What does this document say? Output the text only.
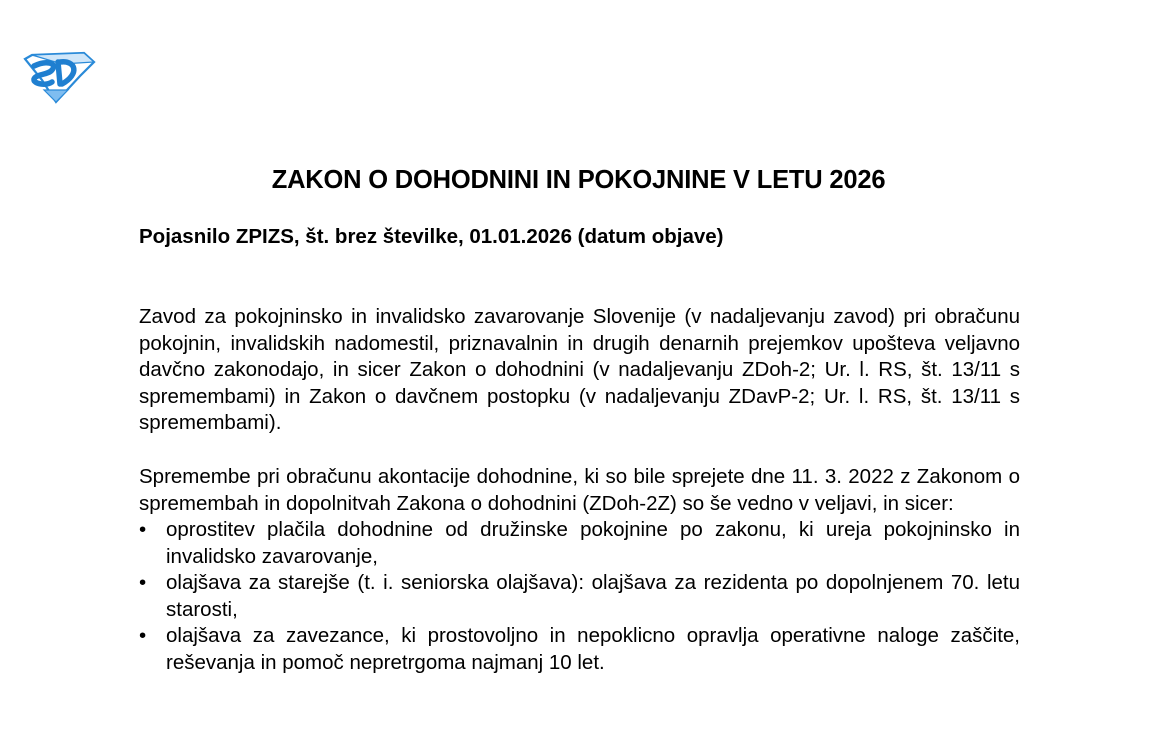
ZAKON O DOHODNINI IN POKOJNINE V LETU 2026
Pojasnilo ZPIZS, št. brez številke, 01.01.2026 (datum objave)
Zavod za pokojninsko in invalidsko zavarovanje Slovenije (v nadaljevanju zavod) pri obračunu pokojnin, invalidskih nadomestil, priznavalnin in drugih denarnih prejemkov upošteva veljavno davčno zakonodajo, in sicer Zakon o dohodnini (v nadaljevanju ZDoh-2; Ur. l. RS, št. 13/11 s spremembami) in Zakon o davčnem postopku (v nadaljevanju ZDavP-2; Ur. l. RS, št. 13/11 s spremembami).
Spremembe pri obračunu akontacije dohodnine, ki so bile sprejete dne 11. 3. 2022 z Zakonom o spremembah in dopolnitvah Zakona o dohodnini (ZDoh-2Z) so še vedno v veljavi, in sicer:
• oprostitev plačila dohodnine od družinske pokojnine po zakonu, ki ureja pokojninsko in invalidsko zavarovanje,
• olajšava za starejše (t. i. seniorska olajšava): olajšava za rezidenta po dopolnjenem 70. letu starosti,
• olajšava za zavezance, ki prostovoljno in nepoklicno opravlja operativne naloge zaščite, reševanja in pomoč nepretrgoma najmanj 10 let.
